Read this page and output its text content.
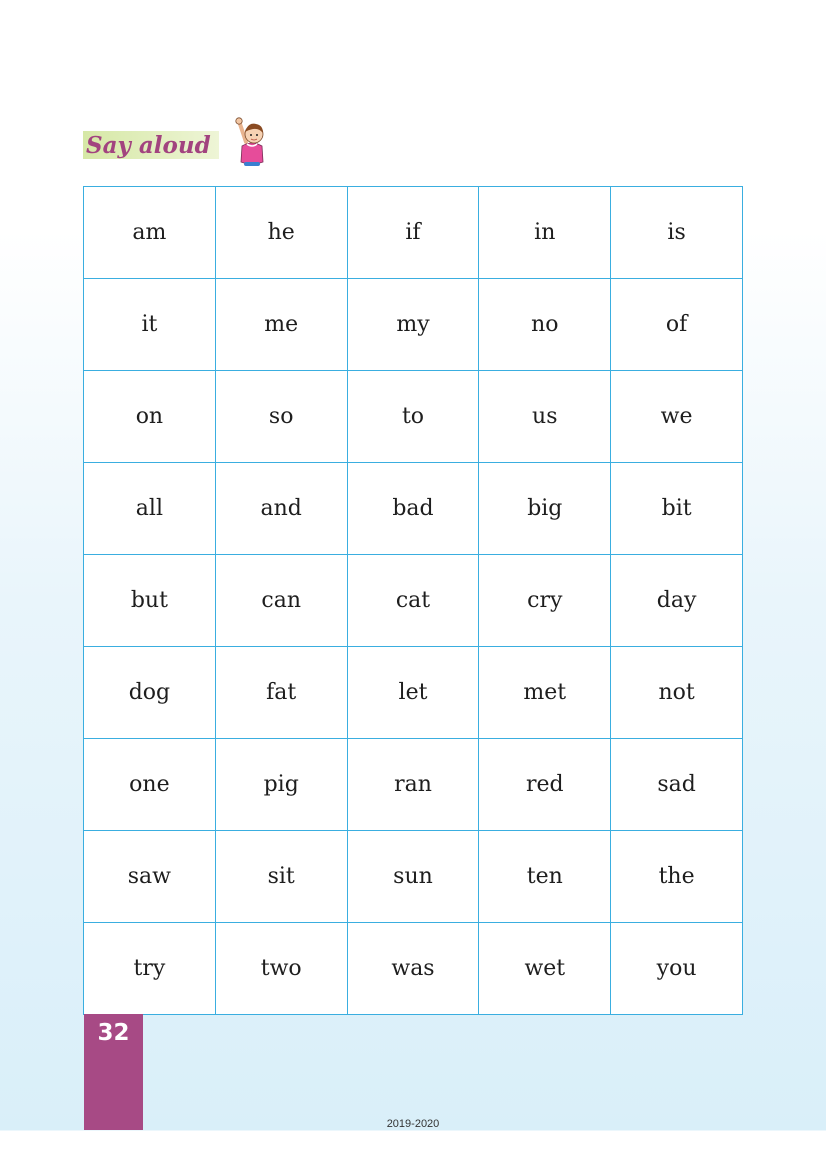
Say aloud
am	he	if	in	is
it	me	my	no	of
on	so	to	us	we
all	and	bad	big	bit
but	can	cat	cry	day
dog	fat	let	met	not
one	pig	ran	red	sad
saw	sit	sun	ten	the
try	two	was	wet	you
32
2019-2020
